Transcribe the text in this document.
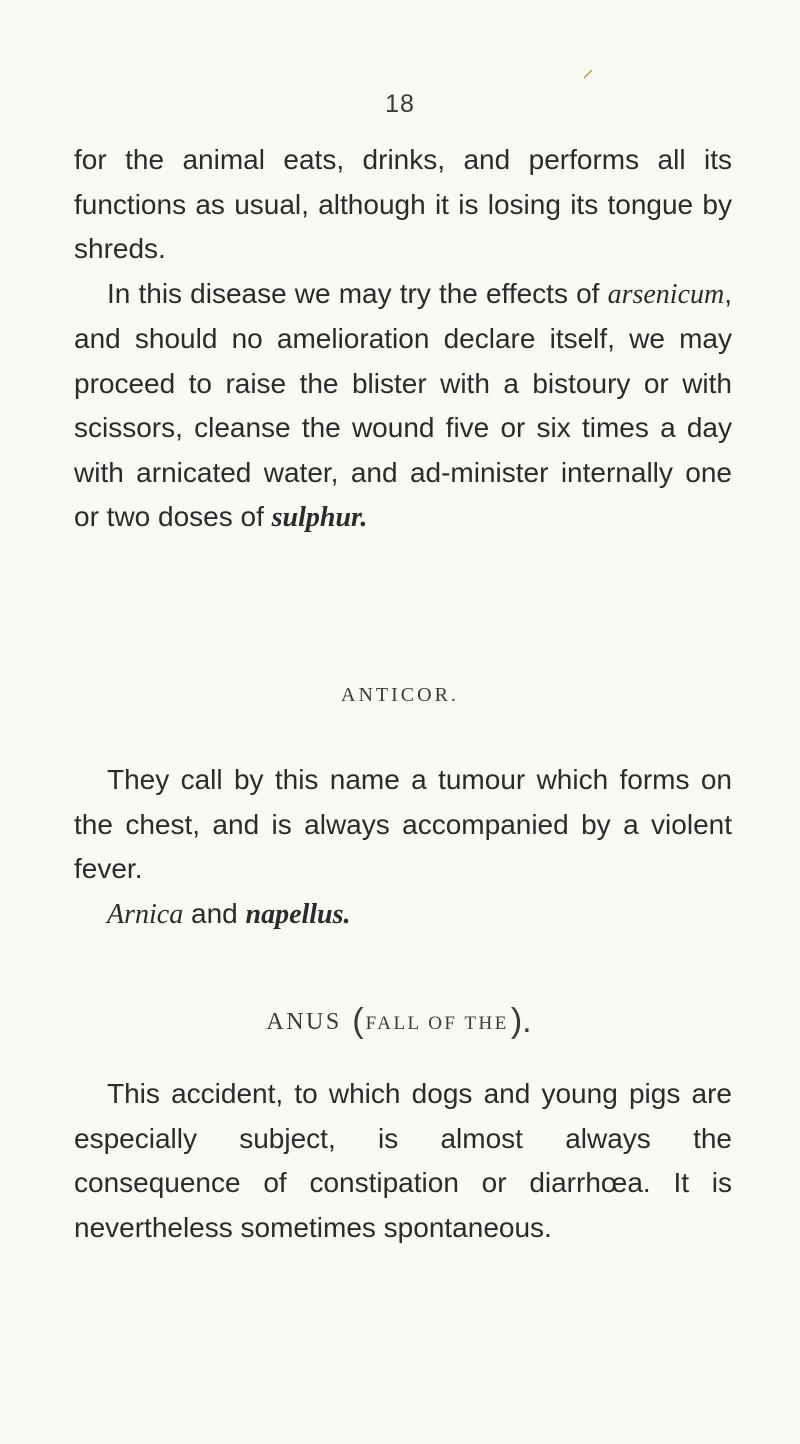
18

for the animal eats, drinks, and performs all its functions as usual, although it is losing its tongue by shreds.

In this disease we may try the effects of arsenicum, and should no amelioration declare itself, we may proceed to raise the blister with a bistoury or with scissors, cleanse the wound five or six times a day with arnicated water, and ad-minister internally one or two doses of sulphur.

ANTICOR.

They call by this name a tumour which forms on the chest, and is always accompanied by a violent fever.

Arnica and napellus.

ANUS ( FALL OF THE).

This accident, to which dogs and young pigs are especially subject, is almost always the consequence of constipation or diarrhœa. It is nevertheless sometimes spontaneous.
